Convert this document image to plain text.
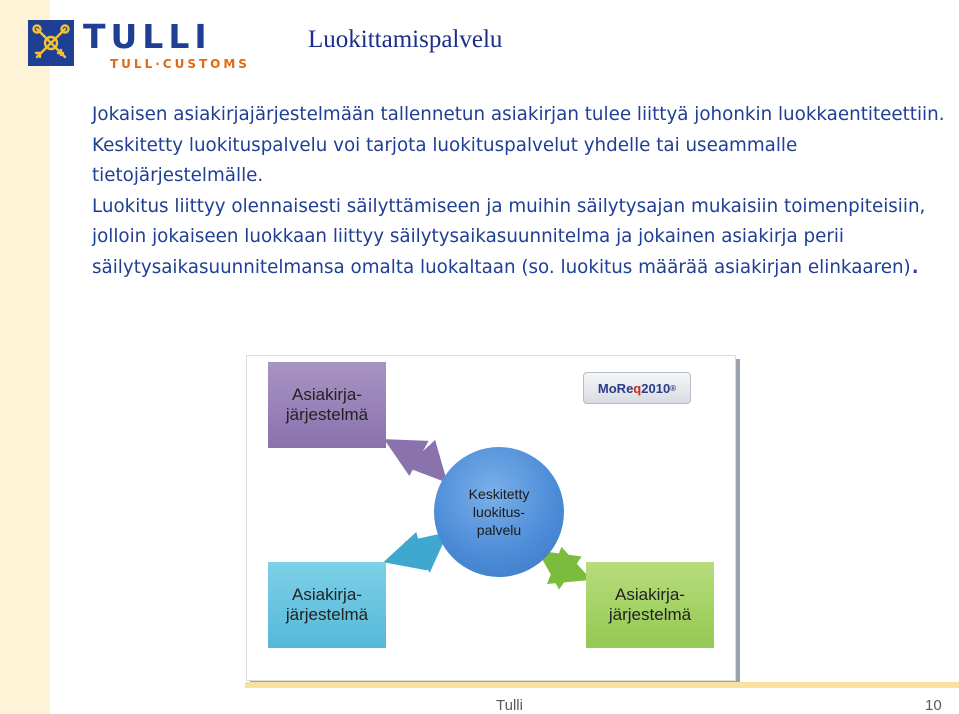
TULLI
TULL·CUSTOMS
Luokittamispalvelu

Jokaisen asiakirjajärjestelmään tallennetun asiakirjan tulee liittyä johonkin luokkaentiteettiin. Keskitetty luokituspalvelu voi tarjota luokituspalvelut yhdelle tai useammalle tietojärjestelmälle.

Luokitus liittyy olennaisesti säilyttämiseen ja muihin säilytysajan mukaisiin toimenpiteisiin, jolloin jokaiseen luokkaan liittyy säilytysaikasuunnitelma ja jokainen asiakirja perii säilytysaikasuunnitelmansa omalta luokaltaan (so. luokitus määrää asiakirjan elinkaaren).

Asiakirja-
järjestelmä
Asiakirja-
järjestelmä
Asiakirja-
järjestelmä
Keskitetty
luokitus-
palvelu
MoRe q 2010 ®
Tulli	10
